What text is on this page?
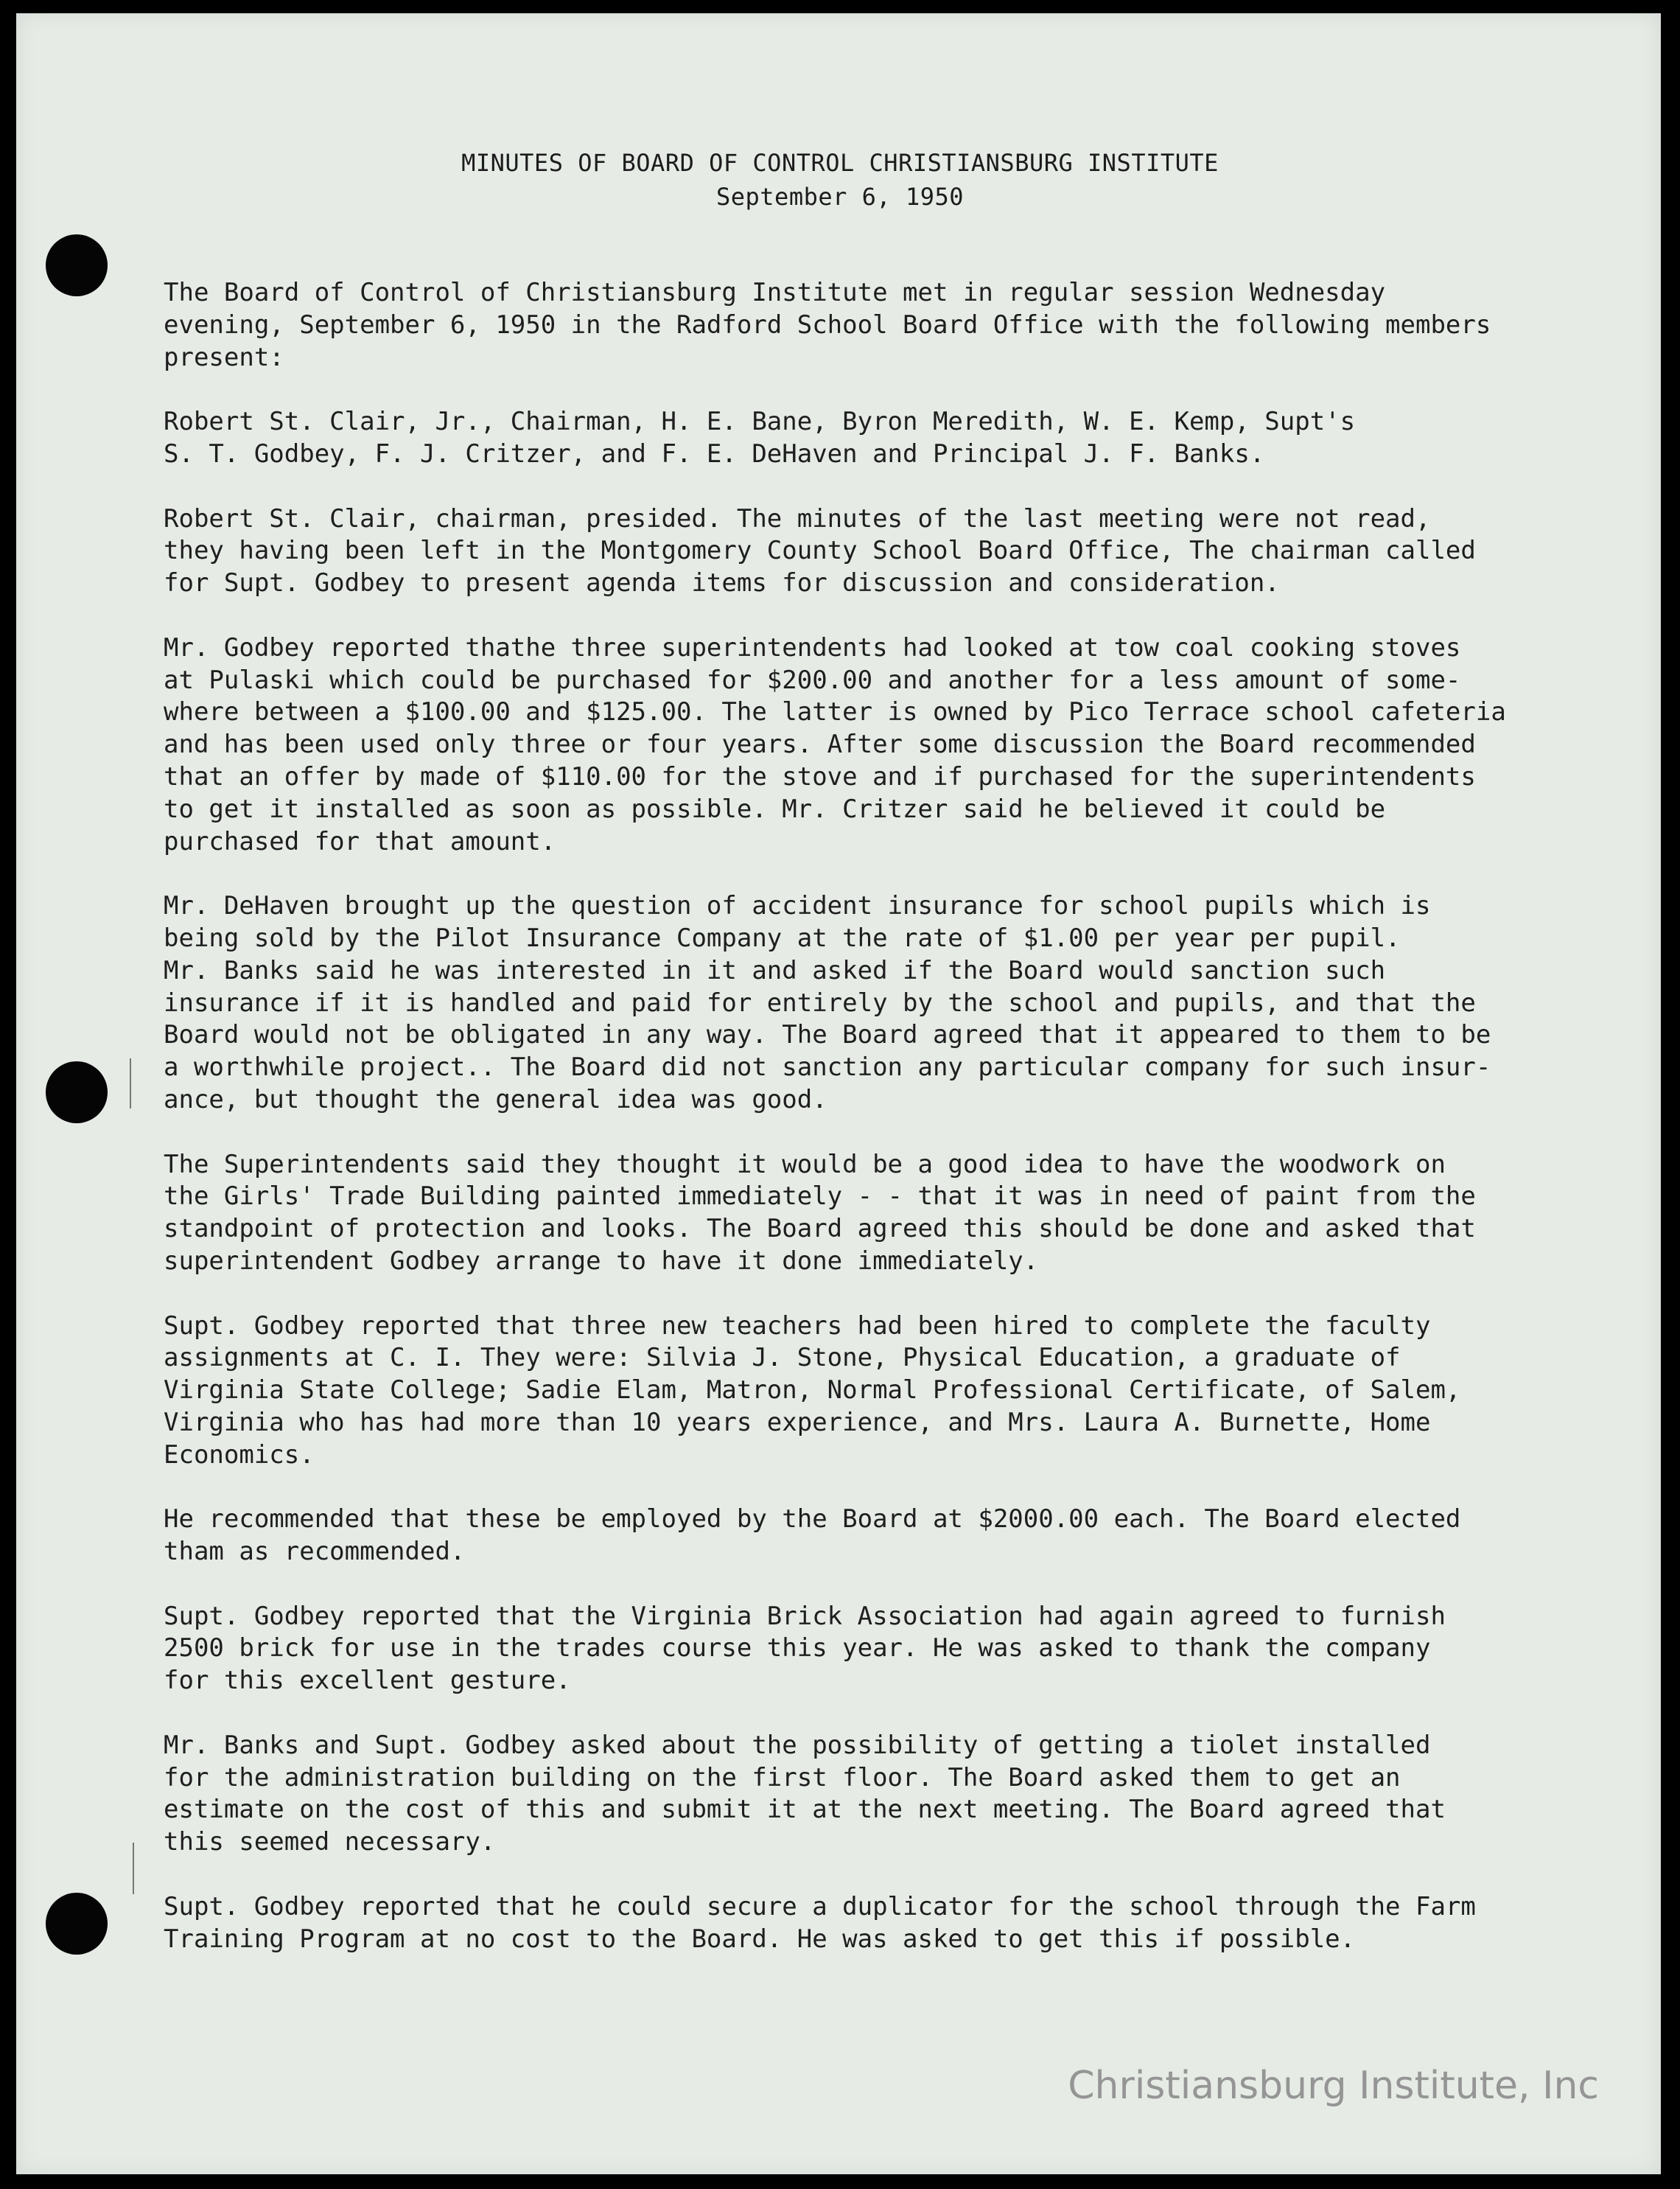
MINUTES OF BOARD OF CONTROL CHRISTIANSBURG INSTITUTE
September 6, 1950
The Board of Control of Christiansburg Institute met in regular session Wednesday
evening, September 6, 1950 in the Radford School Board Office with the following members
present:
Robert St. Clair, Jr., Chairman, H. E. Bane, Byron Meredith, W. E. Kemp, Supt's
S. T. Godbey, F. J. Critzer, and F. E. DeHaven and Principal J. F. Banks.
Robert St. Clair, chairman, presided. The minutes of the last meeting were not read,
they having been left in the Montgomery County School Board Office, The chairman called
for Supt. Godbey to present agenda items for discussion and consideration.
Mr. Godbey reported thathe three superintendents had looked at tow coal cooking stoves
at Pulaski which could be purchased for $200.00 and another for a less amount of some-
where between a $100.00 and $125.00. The latter is owned by Pico Terrace school cafeteria
and has been used only three or four years. After some discussion the Board recommended
that an offer by made of $110.00 for the stove and if purchased for the superintendents
to get it installed as soon as possible. Mr. Critzer said he believed it could be
purchased for that amount.
Mr. DeHaven brought up the question of accident insurance for school pupils which is
being sold by the Pilot Insurance Company at the rate of $1.00 per year per pupil.
Mr. Banks said he was interested in it and asked if the Board would sanction such
insurance if it is handled and paid for entirely by the school and pupils, and that the
Board would not be obligated in any way. The Board agreed that it appeared to them to be
a worthwhile project.. The Board did not sanction any particular company for such insur-
ance, but thought the general idea was good.
The Superintendents said they thought it would be a good idea to have the woodwork on
the Girls' Trade Building painted immediately - - that it was in need of paint from the
standpoint of protection and looks. The Board agreed this should be done and asked that
superintendent Godbey arrange to have it done immediately.
Supt. Godbey reported that three new teachers had been hired to complete the faculty
assignments at C. I. They were: Silvia J. Stone, Physical Education, a graduate of
Virginia State College; Sadie Elam, Matron, Normal Professional Certificate, of Salem,
Virginia who has had more than 10 years experience, and Mrs. Laura A. Burnette, Home
Economics.
He recommended that these be employed by the Board at $2000.00 each. The Board elected
tham as recommended.
Supt. Godbey reported that the Virginia Brick Association had again agreed to furnish
2500 brick for use in the trades course this year. He was asked to thank the company
for this excellent gesture.
Mr. Banks and Supt. Godbey asked about the possibility of getting a tiolet installed
for the administration building on the first floor. The Board asked them to get an
estimate on the cost of this and submit it at the next meeting. The Board agreed that
this seemed necessary.
Supt. Godbey reported that he could secure a duplicator for the school through the Farm
Training Program at no cost to the Board. He was asked to get this if possible.
Christiansburg Institute, Inc
